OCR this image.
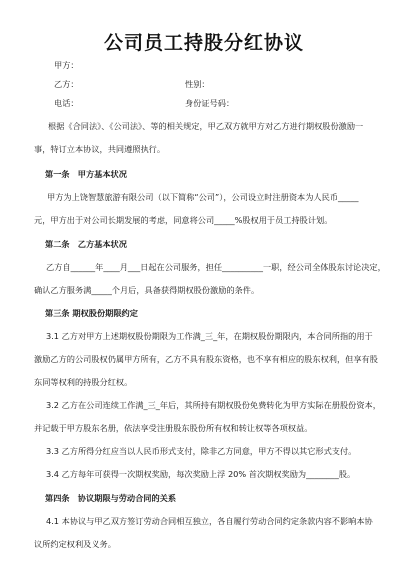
公司员工持股分红协议
甲方：
乙方：	性别：
电话：	身份证号码：
根据《合同法》、《公司法》、等的相关规定，甲乙双方就甲方对乙方进行期权股份激励一
事，特订立本协议，共同遵照执行。
第一条　甲方基本状况
甲方为上饶智慧旅游有限公司（以下简称“公司”），公司设立时注册资本为人民币_____
元，甲方出于对公司长期发展的考虑，同意将公司_____%股权用于员工持股计划。
第二条　乙方基本状况
乙方自______年____月___日起在公司服务，担任__________一职，经公司全体股东讨论决定，
确认乙方服务满_____个月后，具备获得期权股份激励的条件。
第三条 期权股份期限约定
3.1 乙方对甲方上述期权股份期限为工作满_三_年，在期权股份期限内，本合同所指的用于
激励乙方的公司股权仍属甲方所有，乙方不具有股东资格，也不享有相应的股东权利，但享有股
东同等权利的持股分红权。
3.2 乙方在公司连续工作满_三_年后，其所持有期权股份免费转化为甲方实际在册股份资本，
并记载于甲方股东名册，依法享受注册股东股份所有权和转让权等各项权益。
3.3 乙方所得分红应当以人民币形式支付，除非乙方同意，甲方不得以其它形式支付。
3.4 乙方每年可获得一次期权奖励，每次奖励上浮 20% 首次期权奖励为________股。
第四条　协议期限与劳动合同的关系
4.1 本协议与甲乙双方签订劳动合同相互独立，各自履行劳动合同约定条款内容不影响本协
议所约定权利及义务。
